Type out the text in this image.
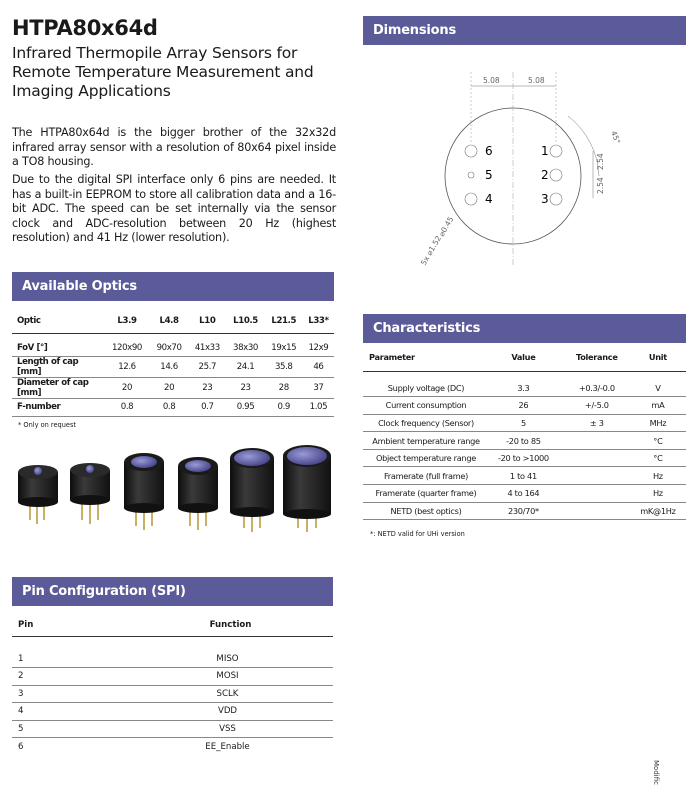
HTPA80x64d
Infrared Thermopile Array Sensors for Remote Temperature Measurement and Imaging Applications
The HTPA80x64d is the bigger brother of the 32x32d infrared array sensor with a resolution of 80x64 pixel inside a TO8 housing.
Due to the digital SPI interface only 6 pins are needed. It has a built-in EEPROM to store all calibration data and a 16-bit ADC. The speed can be set internally via the sensor clock and ADC-resolution between 20 Hz (highest resolution) and 41 Hz (lower resolution).
Available Optics
Optic	L3.9	L4.8	L10	L10.5	L21.5	L33*

FoV [°]	120x90	90x70	41x33	38x30	19x15	12x9
Length of cap [mm]	12.6	14.6	25.7	24.1	35.8	46
Diameter of cap [mm]	20	20	23	23	28	37
F-number	0.8	0.8	0.7	0.95	0.9	1.05
* Only on request
Pin Configuration (SPI)
Pin	Function

1	MISO
2	MOSI
3	SCLK
4	VDD
5	VSS
6	EE_Enable
Dimensions
5.08	5.08
45°
2.54
2.54
⌀0.45
5x ⌀1.52
6
5
4
1
2
3
Characteristics
Parameter	Value	Tolerance	Unit

Supply voltage (DC)	3.3	+0.3/-0.0	V
Current consumption	26	+/-5.0	mA
Clock frequency (Sensor)	5	± 3	MHz
Ambient temperature range	-20 to 85		°C
Object temperature range	-20 to >1000		°C
Framerate (full frame)	1 to 41		Hz
Framerate (quarter frame)	4 to 164		Hz
NETD (best optics)	230/70*		mK@1Hz
*: NETD valid for UHi version
Modific
